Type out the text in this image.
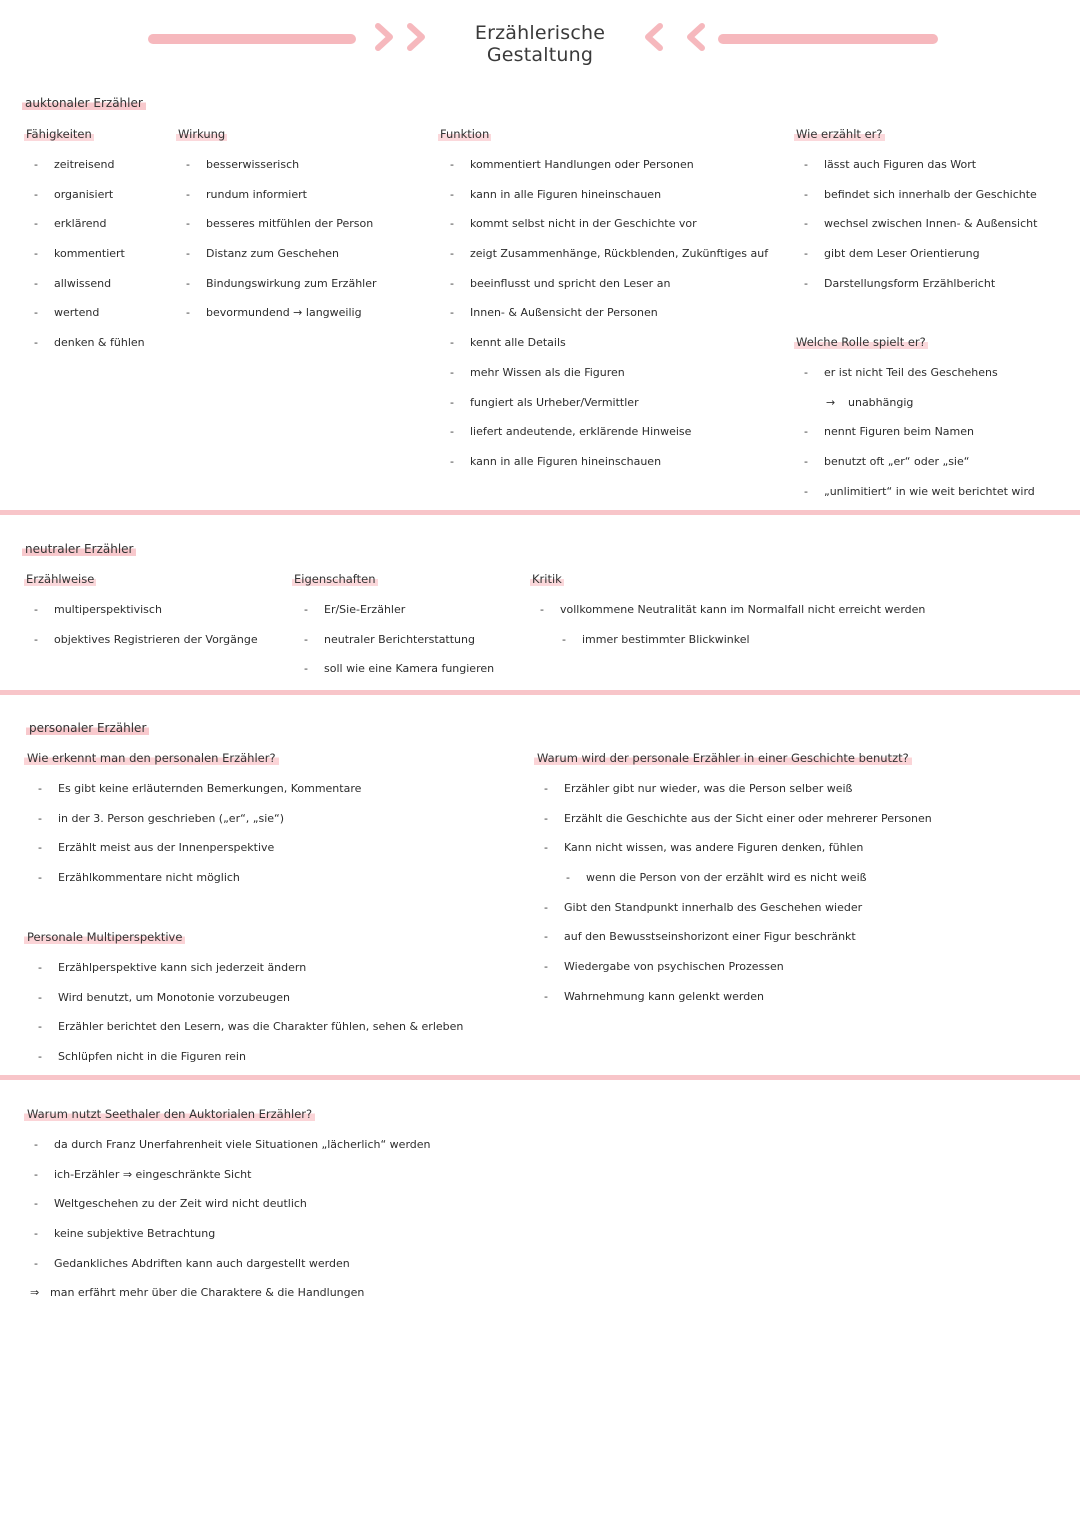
Erzählerische Gestaltung
auktonaler Erzähler
Fähigkeiten
- zeitreisend
- organisiert
- erklärend
- kommentiert
- allwissend
- wertend
- denken & fühlen
Wirkung
- besserwisserisch
- rundum informiert
- besseres mitfühlen der Person
- Distanz zum Geschehen
- Bindungswirkung zum Erzähler
- bevormundend → langweilig
Funktion
- kommentiert Handlungen oder Personen
- kann in alle Figuren hineinschauen
- kommt selbst nicht in der Geschichte vor
- zeigt Zusammenhänge, Rückblenden, Zukünftiges auf
- beeinflusst und spricht den Leser an
- Innen- & Außensicht der Personen
- kennt alle Details
- mehr Wissen als die Figuren
- fungiert als Urheber/Vermittler
- liefert andeutende, erklärende Hinweise
- kann in alle Figuren hineinschauen
Wie erzählt er?
- lässt auch Figuren das Wort
- befindet sich innerhalb der Geschichte
- wechsel zwischen Innen- & Außensicht
- gibt dem Leser Orientierung
- Darstellungsform Erzählbericht
Welche Rolle spielt er?
- er ist nicht Teil des Geschehens
→ unabhängig
- nennt Figuren beim Namen
- benutzt oft „er“ oder „sie“
- „unlimitiert“ in wie weit berichtet wird
neutraler Erzähler
Erzählweise
- multiperspektivisch
- objektives Registrieren der Vorgänge
Eigenschaften
- Er/Sie-Erzähler
- neutraler Berichterstattung
- soll wie eine Kamera fungieren
Kritik
- vollkommene Neutralität kann im Normalfall nicht erreicht werden
- immer bestimmter Blickwinkel
personaler Erzähler
Wie erkennt man den personalen Erzähler?
- Es gibt keine erläuternden Bemerkungen, Kommentare
- in der 3. Person geschrieben („er“, „sie“)
- Erzählt meist aus der Innenperspektive
- Erzählkommentare nicht möglich
Personale Multiperspektive
- Erzählperspektive kann sich jederzeit ändern
- Wird benutzt, um Monotonie vorzubeugen
- Erzähler berichtet den Lesern, was die Charakter fühlen, sehen & erleben
- Schlüpfen nicht in die Figuren rein
Warum wird der personale Erzähler in einer Geschichte benutzt?
- Erzähler gibt nur wieder, was die Person selber weiß
- Erzählt die Geschichte aus der Sicht einer oder mehrerer Personen
- Kann nicht wissen, was andere Figuren denken, fühlen
- wenn die Person von der erzählt wird es nicht weiß
- Gibt den Standpunkt innerhalb des Geschehen wieder
- auf den Bewusstseinshorizont einer Figur beschränkt
- Wiedergabe von psychischen Prozessen
- Wahrnehmung kann gelenkt werden
Warum nutzt Seethaler den Auktorialen Erzähler?
- da durch Franz Unerfahrenheit viele Situationen „lächerlich“ werden
- ich-Erzähler ⇒ eingeschränkte Sicht
- Weltgeschehen zu der Zeit wird nicht deutlich
- keine subjektive Betrachtung
- Gedankliches Abdriften kann auch dargestellt werden
⇒ man erfährt mehr über die Charaktere & die Handlungen
